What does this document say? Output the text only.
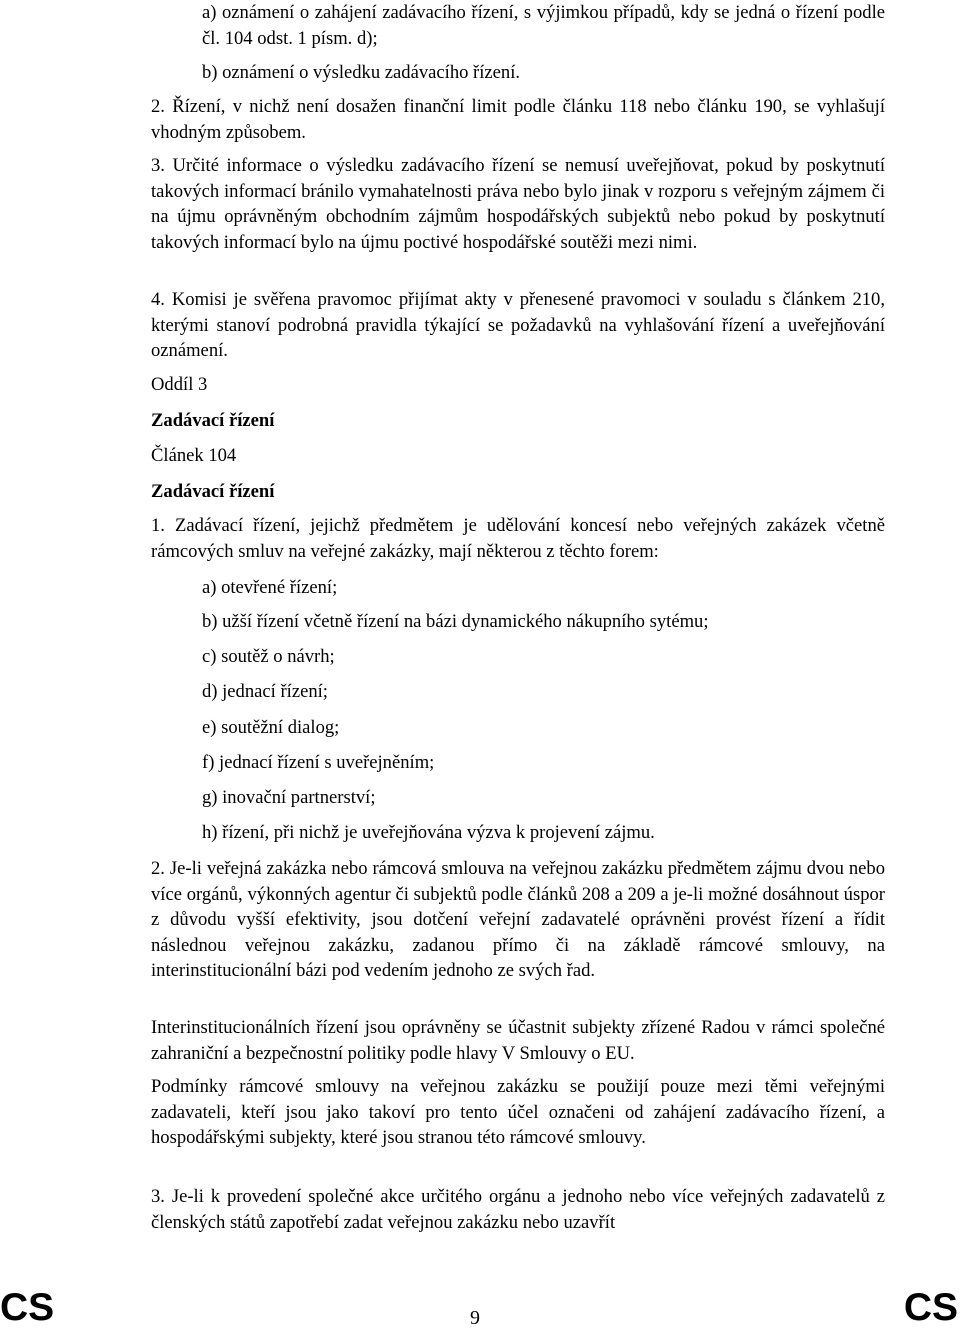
a) oznámení o zahájení zadávacího řízení, s výjimkou případů, kdy se jedná o řízení podle čl. 104 odst. 1 písm. d);

b) oznámení o výsledku zadávacího řízení.

2. Řízení, v nichž není dosažen finanční limit podle článku 118 nebo článku 190, se vyhlašují vhodným způsobem.

3. Určité informace o výsledku zadávacího řízení se nemusí uveřejňovat, pokud by poskytnutí takových informací bránilo vymahatelnosti práva nebo bylo jinak v rozporu s veřejným zájmem či na újmu oprávněným obchodním zájmům hospodářských subjektů nebo pokud by poskytnutí takových informací bylo na újmu poctivé hospodářské soutěži mezi nimi.

4. Komisi je svěřena pravomoc přijímat akty v přenesené pravomoci v souladu s článkem 210, kterými stanoví podrobná pravidla týkající se požadavků na vyhlašování řízení a uveřejňování oznámení.

Oddíl 3

Zadávací řízení

Článek 104

Zadávací řízení

1. Zadávací řízení, jejichž předmětem je udělování koncesí nebo veřejných zakázek včetně rámcových smluv na veřejné zakázky, mají některou z těchto forem:

a) otevřené řízení;

b) užší řízení včetně řízení na bázi dynamického nákupního sytému;

c) soutěž o návrh;

d) jednací řízení;

e) soutěžní dialog;

f) jednací řízení s uveřejněním;

g) inovační partnerství;

h) řízení, při nichž je uveřejňována výzva k projevení zájmu.

2. Je-li veřejná zakázka nebo rámcová smlouva na veřejnou zakázku předmětem zájmu dvou nebo více orgánů, výkonných agentur či subjektů podle článků 208 a 209 a je-li možné dosáhnout úspor z důvodu vyšší efektivity, jsou dotčení veřejní zadavatelé oprávněni provést řízení a řídit následnou veřejnou zakázku, zadanou přímo či na základě rámcové smlouvy, na interinstitucionální bázi pod vedením jednoho ze svých řad.

Interinstitucionálních řízení jsou oprávněny se účastnit subjekty zřízené Radou v rámci společné zahraniční a bezpečnostní politiky podle hlavy V Smlouvy o EU.

Podmínky rámcové smlouvy na veřejnou zakázku se použijí pouze mezi těmi veřejnými zadavateli, kteří jsou jako takoví pro tento účel označeni od zahájení zadávacího řízení, a hospodářskými subjekty, které jsou stranou této rámcové smlouvy.

3. Je-li k provedení společné akce určitého orgánu a jednoho nebo více veřejných zadavatelů z členských států zapotřebí zadat veřejnou zakázku nebo uzavřít

CS	9	CS
